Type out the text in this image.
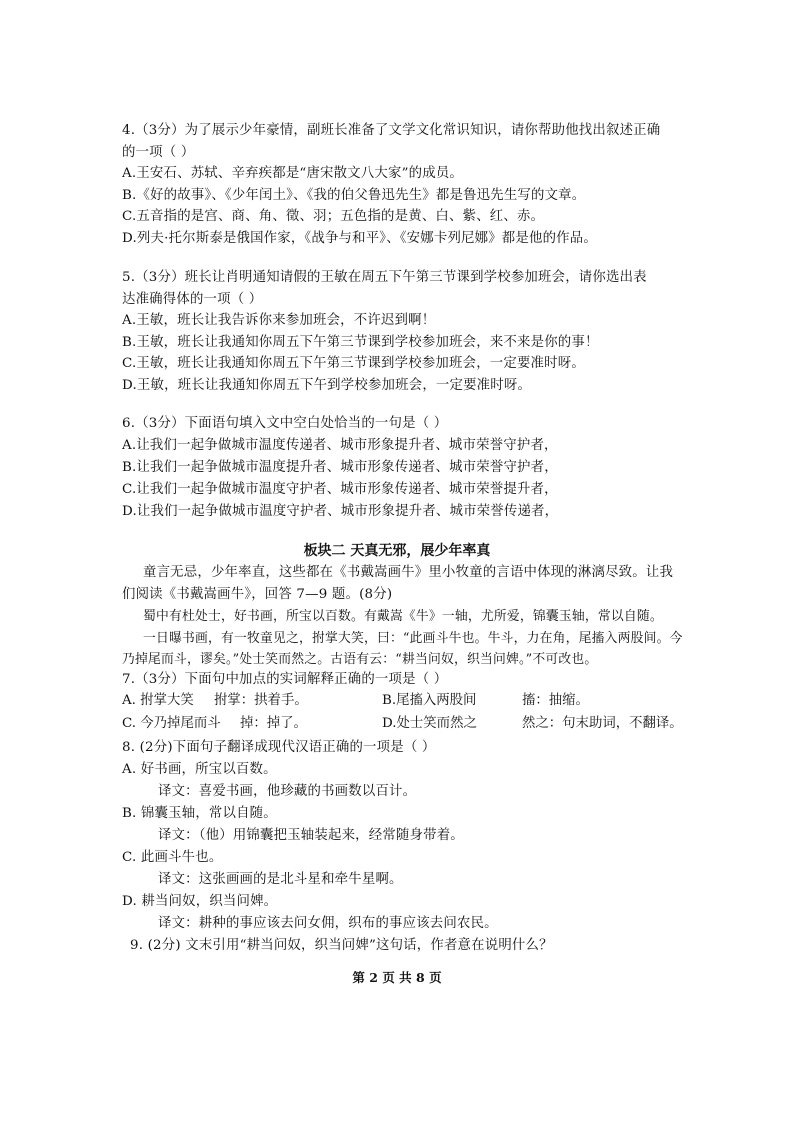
4.（3分）为了展示少年豪情，副班长准备了文学文化常识知识，请你帮助他找出叙述正确
的一项（ ）
A.王安石、苏轼、辛弃疾都是“唐宋散文八大家”的成员。
B.《好的故事》、《少年闰土》、《我的伯父鲁迅先生》都是鲁迅先生写的文章。
C.五音指的是宫、商、角、徵、羽；五色指的是黄、白、紫、红、赤。
D.列夫·托尔斯泰是俄国作家，《战争与和平》、《安娜卡列尼娜》都是他的作品。
5.（3分）班长让肖明通知请假的王敏在周五下午第三节课到学校参加班会，请你选出表
达准确得体的一项（ ）
A.王敏，班长让我告诉你来参加班会，不许迟到啊！
B.王敏，班长让我通知你周五下午第三节课到学校参加班会，来不来是你的事！
C.王敏，班长让我通知你周五下午第三节课到学校参加班会，一定要准时呀。
D.王敏，班长让我通知你周五下午到学校参加班会，一定要准时呀。
6.（3分）下面语句填入文中空白处恰当的一句是（ ）
A.让我们一起争做城市温度传递者、城市形象提升者、城市荣誉守护者，
B.让我们一起争做城市温度提升者、城市形象传递者、城市荣誉守护者，
C.让我们一起争做城市温度守护者、城市形象传递者、城市荣誉提升者，
D.让我们一起争做城市温度守护者、城市形象提升者、城市荣誉传递者，
板块二 天真无邪，展少年率真
童言无忌，少年率直，这些都在《书戴嵩画牛》里小牧童的言语中体现的淋漓尽致。让我
们阅读《书戴嵩画牛》，回答 7—9 题。(8分)
蜀中有杜处士，好书画，所宝以百数。有戴嵩《牛》一轴，尤所爱，锦囊玉轴，常以自随。
一日曝书画，有一牧童见之，拊掌大笑，曰：“此画斗牛也。牛斗，力在角，尾搐入两股间。今
乃掉尾而斗，谬矣。”处士笑而然之。古语有云：“耕当问奴，织当问婢。”不可改也。
7.（3分）下面句中加点的实词解释正确的一项是（ ）
A. 拊掌大笑 拊掌：拱着手。	B.尾搐入两股间	搐：抽缩。
C. 今乃掉尾而斗 掉：掉了。	D.处士笑而然之	然之：句末助词，不翻译。
8. (2分)下面句子翻译成现代汉语正确的一项是（ ）
A. 好书画，所宝以百数。
译文：喜爱书画，他珍藏的书画数以百计。
B. 锦囊玉轴，常以自随。
译文：（他）用锦囊把玉轴装起来，经常随身带着。
C. 此画斗牛也。
译文：这张画画的是北斗星和牵牛星啊。
D. 耕当问奴，织当问婢。
译文：耕种的事应该去问女佣，织布的事应该去问农民。
9. (2分) 文末引用“耕当问奴，织当问婢”这句话，作者意在说明什么？
第 2 页 共 8 页
